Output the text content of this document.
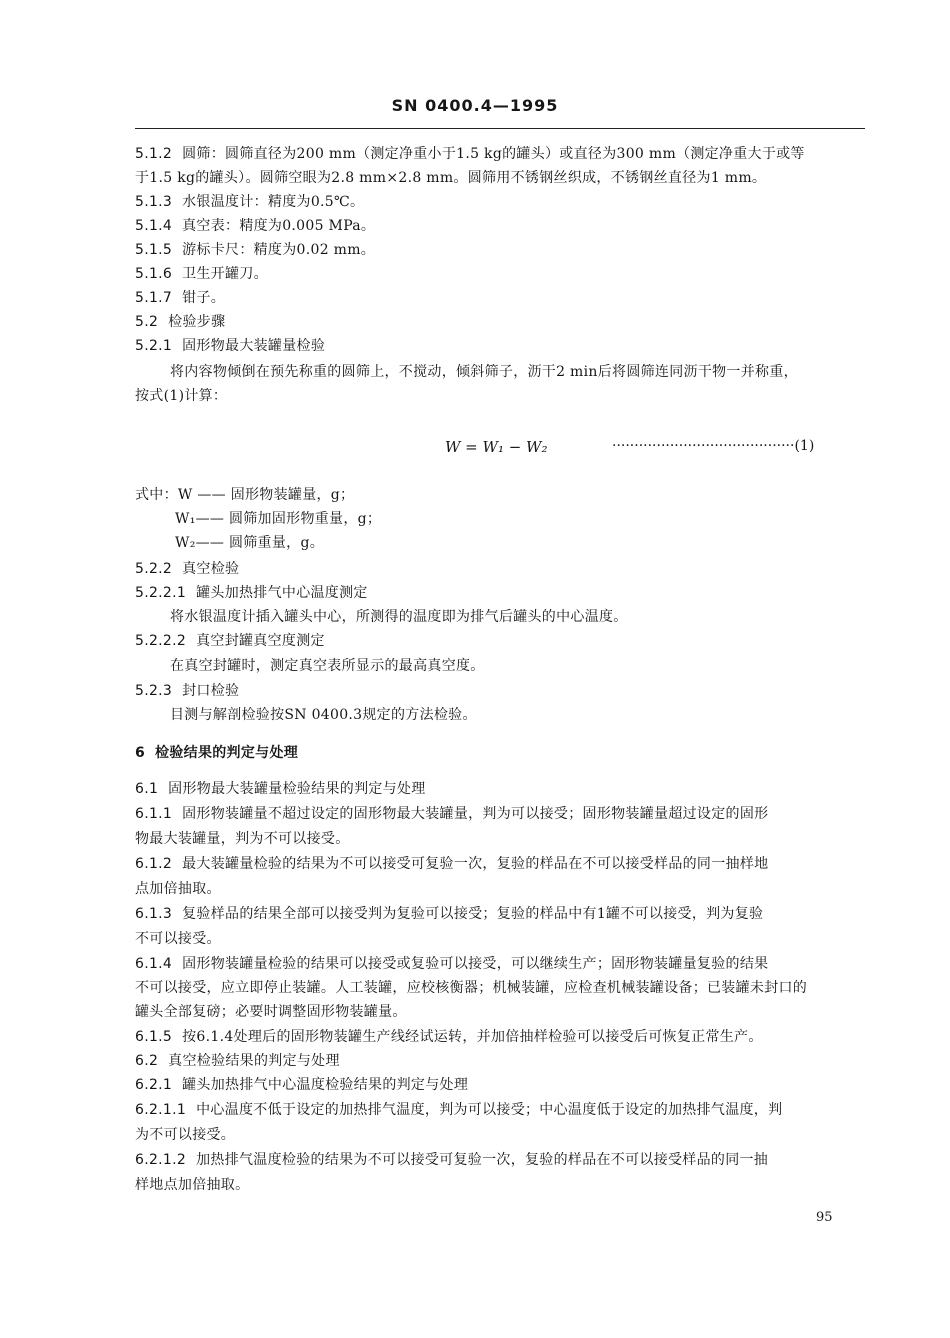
SN 0400.4—1995
5.1.2 圆筛：圆筛直径为200 mm（测定净重小于1.5 kg的罐头）或直径为300 mm（测定净重大于或等
于1.5 kg的罐头）。圆筛空眼为2.8 mm×2.8 mm。圆筛用不锈钢丝织成，不锈钢丝直径为1 mm。
5.1.3 水银温度计：精度为0.5℃。
5.1.4 真空表：精度为0.005 MPa。
5.1.5 游标卡尺：精度为0.02 mm。
5.1.6 卫生开罐刀。
5.1.7 钳子。
5.2 检验步骤
5.2.1 固形物最大装罐量检验
将内容物倾倒在预先称重的圆筛上，不搅动，倾斜筛子，沥干2 min后将圆筛连同沥干物一并称重，
按式(1)计算：
式中：W —— 固形物装罐量，g；
W₁—— 圆筛加固形物重量，g；
W₂—— 圆筛重量，g。
5.2.2 真空检验
5.2.2.1 罐头加热排气中心温度测定
将水银温度计插入罐头中心，所测得的温度即为排气后罐头的中心温度。
5.2.2.2 真空封罐真空度测定
在真空封罐时，测定真空表所显示的最高真空度。
5.2.3 封口检验
目测与解剖检验按SN 0400.3规定的方法检验。
6 检验结果的判定与处理
6.1 固形物最大装罐量检验结果的判定与处理
6.1.1 固形物装罐量不超过设定的固形物最大装罐量，判为可以接受；固形物装罐量超过设定的固形
物最大装罐量，判为不可以接受。
6.1.2 最大装罐量检验的结果为不可以接受可复验一次，复验的样品在不可以接受样品的同一抽样地
点加倍抽取。
6.1.3 复验样品的结果全部可以接受判为复验可以接受；复验的样品中有1罐不可以接受，判为复验
不可以接受。
6.1.4 固形物装罐量检验的结果可以接受或复验可以接受，可以继续生产；固形物装罐量复验的结果
不可以接受，应立即停止装罐。人工装罐，应校核衡器；机械装罐，应检查机械装罐设备；已装罐未封口的
罐头全部复磅；必要时调整固形物装罐量。
6.1.5 按6.1.4处理后的固形物装罐生产线经试运转，并加倍抽样检验可以接受后可恢复正常生产。
6.2 真空检验结果的判定与处理
6.2.1 罐头加热排气中心温度检验结果的判定与处理
6.2.1.1 中心温度不低于设定的加热排气温度，判为可以接受；中心温度低于设定的加热排气温度，判
为不可以接受。
6.2.1.2 加热排气温度检验的结果为不可以接受可复验一次，复验的样品在不可以接受样品的同一抽
样地点加倍抽取。
W = W₁ − W₂	·········································(1)
95
